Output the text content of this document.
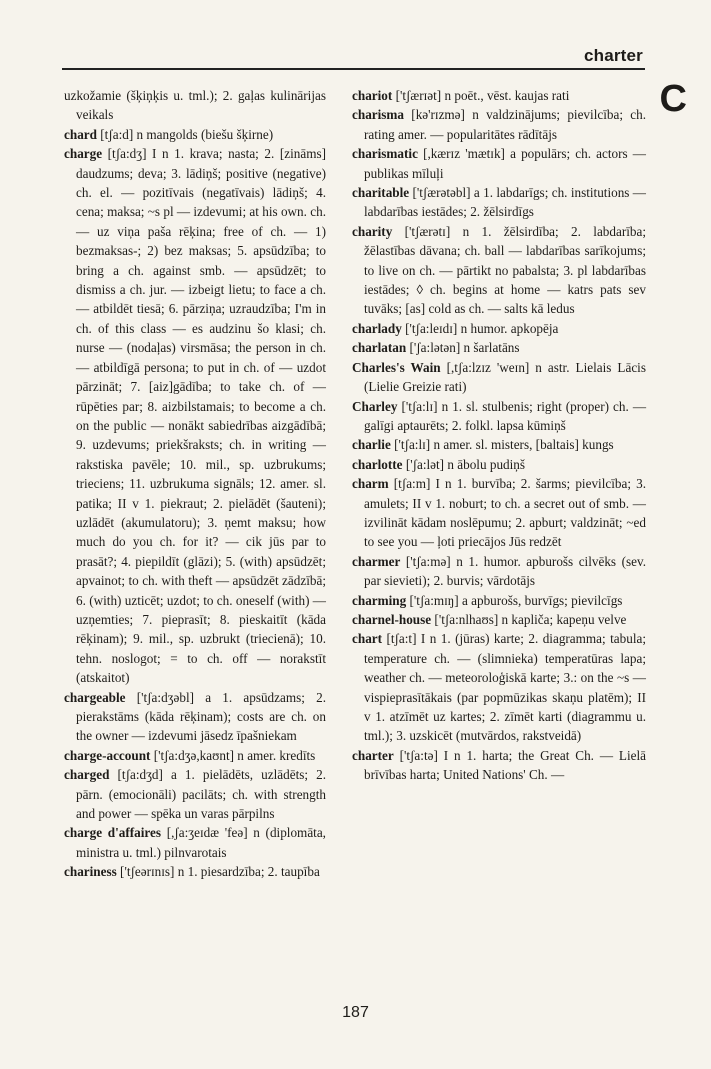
charter
C

uzkožamie (šķiņķis u. tml.); 2. gaļas kulinārijas veikals

chard [tʃa:d] n mangolds (biešu šķirne)

charge [tʃa:dʒ] I n 1. krava; nasta; 2. [zināms] daudzums; deva; 3. lādiņš; positive (negative) ch. el. — pozitīvais (negatīvais) lādiņš; 4. cena; maksa; ~s pl — izdevumi; at his own. ch. — uz viņa paša rēķina; free of ch. — 1) bezmaksas-; 2) bez maksas; 5. apsūdzība; to bring a ch. against smb. — apsūdzēt; to dismiss a ch. jur. — izbeigt lietu; to face a ch. — atbildēt tiesā; 6. pārziņa; uzraudzība; I'm in ch. of this class — es audzinu šo klasi; ch. nurse — (nodaļas) virsmāsa; the person in ch. — atbildīgā persona; to put in ch. of — uzdot pārzināt; 7. [aiz]gādība; to take ch. of — rūpēties par; 8. aizbilstamais; to become a ch. on the public — nonākt sabiedrības aizgādībā; 9. uzdevums; priekšraksts; ch. in writing — rakstiska pavēle; 10. mil., sp. uzbrukums; trieciens; 11. uzbrukuma signāls; 12. amer. sl. patika; II v 1. piekraut; 2. pielādēt (šauteni); uzlādēt (akumulatoru); 3. ņemt maksu; how much do you ch. for it? — cik jūs par to prasāt?; 4. piepildīt (glāzi); 5. (with) apsūdzēt; apvainot; to ch. with theft — apsūdzēt zādzībā; 6. (with) uzticēt; uzdot; to ch. oneself (with) — uzņemties; 7. pieprasīt; 8. pieskaitīt (kāda rēķinam); 9. mil., sp. uzbrukt (triecienā); 10. tehn. noslogot; = to ch. off — norakstīt (atskaitot)

chargeable ['tʃa:dʒəbl] a 1. apsūdzams; 2. pierakstāms (kāda rēķinam); costs are ch. on the owner — izdevumi jāsedz īpašniekam

charge-account ['tʃa:dʒə,kaʊnt] n amer. kredīts

charged [tʃa:dʒd] a 1. pielādēts, uzlādēts; 2. pārn. (emocionāli) pacilāts; ch. with strength and power — spēka un varas pārpilns

charge d'affaires [,ʃa:ʒeɪdæ 'feə] n (diplomāta, ministra u. tml.) pilnvarotais

chariness ['tʃeərɪnɪs] n 1. piesardzība; 2. taupība

chariot ['tʃærɪət] n poēt., vēst. kaujas rati

charisma [kə'rɪzmə] n valdzinājums; pievilcība; ch. rating amer. — popularitātes rādītājs

charismatic [,kærɪz 'mætɪk] a populārs; ch. actors — publikas mīluļi

charitable ['tʃærətəbl] a 1. labdarīgs; ch. institutions — labdarības iestādes; 2. žēlsirdīgs

charity ['tʃærətɪ] n 1. žēlsirdība; 2. labdarība; žēlastības dāvana; ch. ball — labdarības sarīkojums; to live on ch. — pārtikt no pabalsta; 3. pl labdarības iestādes; ◊ ch. begins at home — katrs pats sev tuvāks; [as] cold as ch. — salts kā ledus

charlady ['tʃa:leɪdɪ] n humor. apkopēja

charlatan ['ʃa:lətən] n šarlatāns

Charles's Wain [,tʃa:lzɪz 'weɪn] n astr. Lielais Lācis (Lielie Greizie rati)

Charley ['tʃa:lɪ] n 1. sl. stulbenis; right (proper) ch. — galīgi aptaurēts; 2. folkl. lapsa kūmiņš

charlie ['tʃa:lɪ] n amer. sl. misters, [baltais] kungs

charlotte ['ʃa:lət] n ābolu pudiņš

charm [tʃa:m] I n 1. burvība; 2. šarms; pievilcība; 3. amulets; II v 1. noburt; to ch. a secret out of smb. — izvilināt kādam noslēpumu; 2. apburt; valdzināt; ~ed to see you — ļoti priecājos Jūs redzēt

charmer ['tʃa:mə] n 1. humor. apburošs cilvēks (sev. par sievieti); 2. burvis; vārdotājs

charming ['tʃa:mɪŋ] a apburošs, burvīgs; pievilcīgs

charnel-house ['tʃa:nlhaʊs] n kapliča; kapeņu velve

chart [tʃa:t] I n 1. (jūras) karte; 2. diagramma; tabula; temperature ch. — (slimnieka) temperatūras lapa; weather ch. — meteoroloģiskā karte; 3.: on the ~s — vispieprasītākais (par popmūzikas skaņu platēm); II v 1. atzīmēt uz kartes; 2. zīmēt karti (diagrammu u. tml.); 3. uzskicēt (mutvārdos, rakstveidā)

charter ['tʃa:tə] I n 1. harta; the Great Ch. — Lielā brīvības harta; United Nations' Ch. —

187
